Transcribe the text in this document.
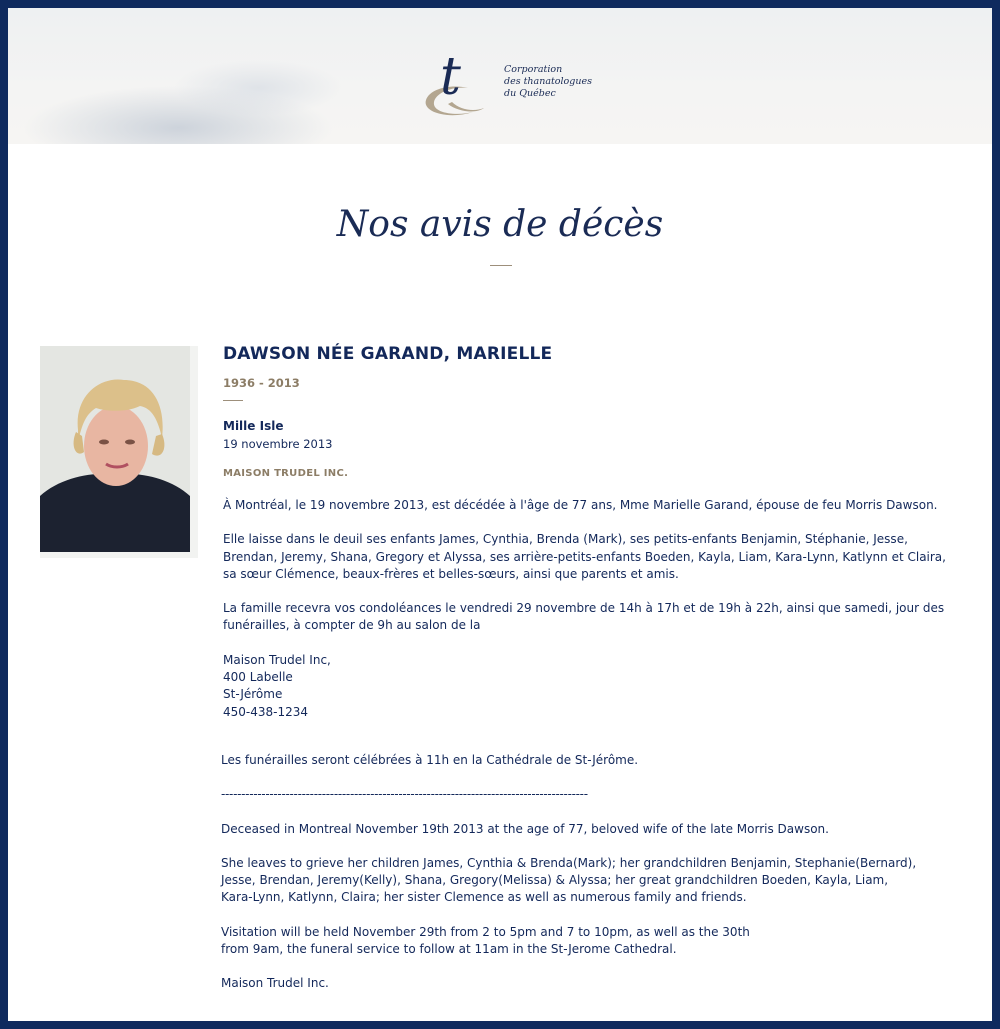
t	Corporation
des thanatologues
du Québec
Nos avis de décès
DAWSON NÉE GARAND, MARIELLE
1936 - 2013
Mille Isle
19 novembre 2013
MAISON TRUDEL INC.

À Montréal, le 19 novembre 2013, est décédée à l'âge de 77 ans, Mme Marielle Garand, épouse de feu Morris Dawson.

Elle laisse dans le deuil ses enfants James, Cynthia, Brenda (Mark), ses petits-enfants Benjamin, Stéphanie, Jesse, Brendan, Jeremy, Shana, Gregory et Alyssa, ses arrière-petits-enfants Boeden, Kayla, Liam, Kara-Lynn, Katlynn et Claira, sa sœur Clémence, beaux-frères et belles-sœurs, ainsi que parents et amis.

La famille recevra vos condoléances le vendredi 29 novembre de 14h à 17h et de 19h à 22h, ainsi que samedi, jour des funérailles, à compter de 9h au salon de la

Maison Trudel Inc,

400 Labelle

St-Jérôme

450-438-1234

Les funérailles seront célébrées à 11h en la Cathédrale de St-Jérôme.

-------------------------------------------------------------------------------------------

Deceased in Montreal November 19th 2013 at the age of 77, beloved wife of the late Morris Dawson.

She leaves to grieve her children James, Cynthia & Brenda(Mark); her grandchildren Benjamin, Stephanie(Bernard),
Jesse, Brendan, Jeremy(Kelly), Shana, Gregory(Melissa) & Alyssa; her great grandchildren Boeden, Kayla, Liam,
Kara-Lynn, Katlynn, Claira; her sister Clemence as well as numerous family and friends.

Visitation will be held November 29th from 2 to 5pm and 7 to 10pm, as well as the 30th
from 9am, the funeral service to follow at 11am in the St-Jerome Cathedral.

Maison Trudel Inc.
